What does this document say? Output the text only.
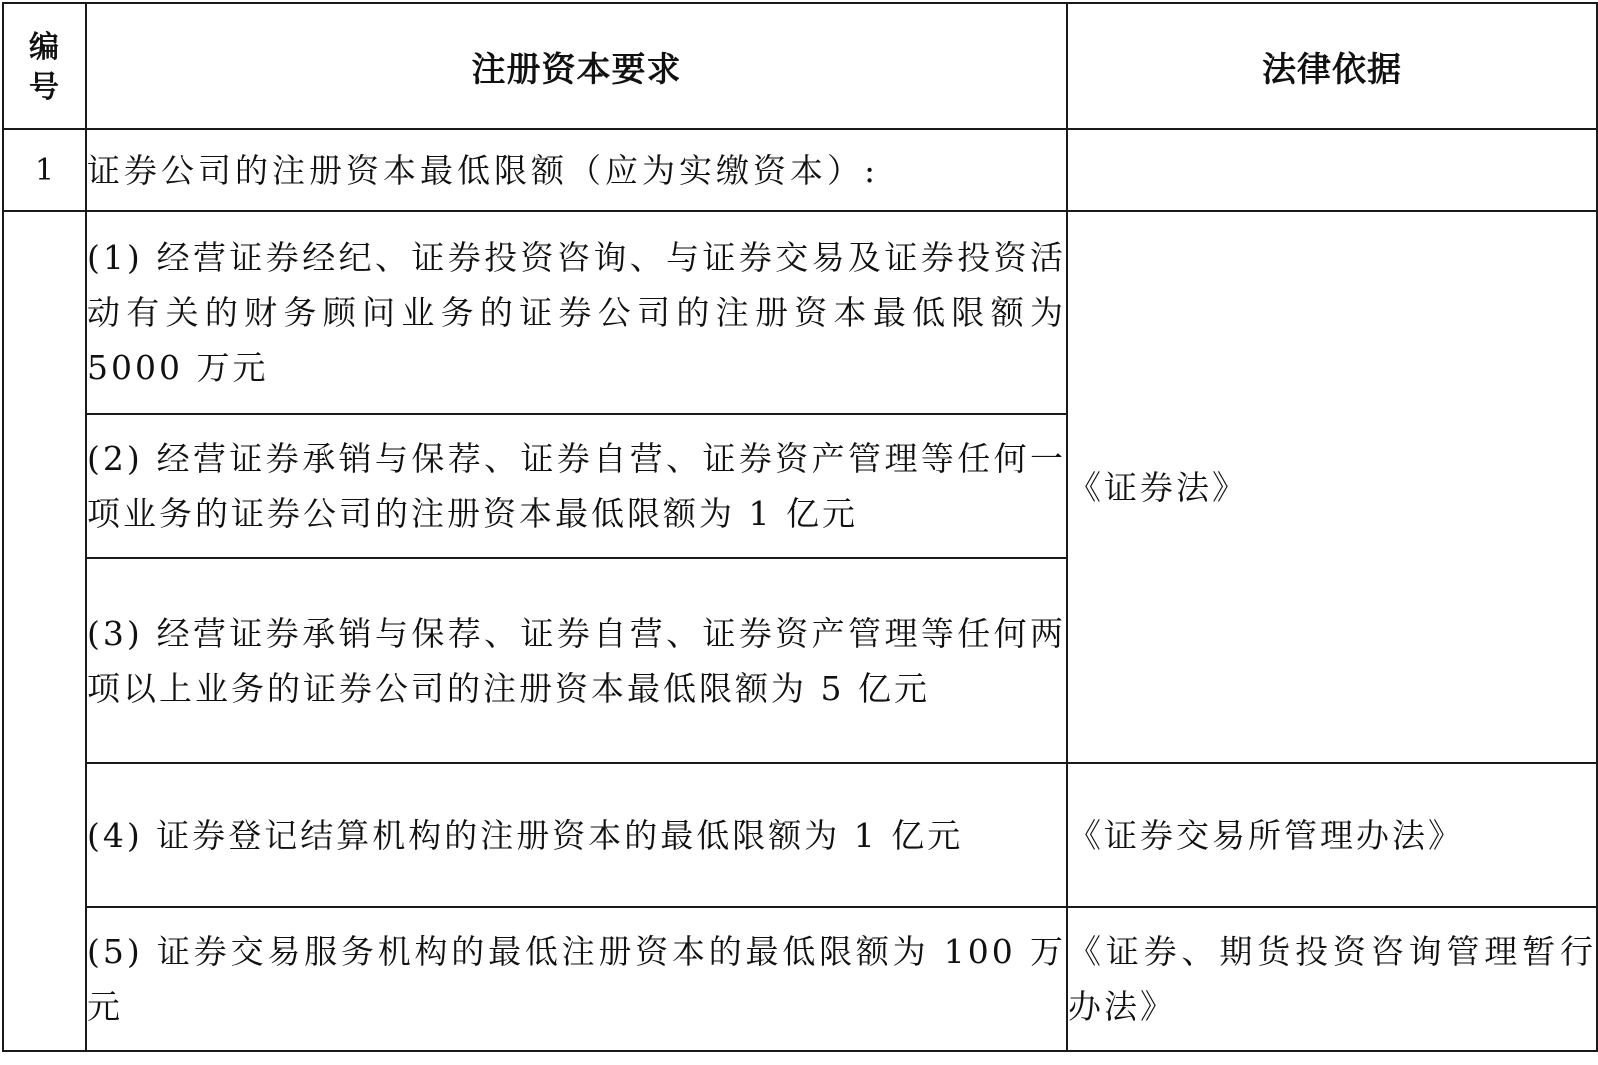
编
号	注册资本要求	法律依据
1	证券公司的注册资本最低限额（应为实缴资本）:	
	(1) 经营证券经纪、证券投资咨询、与证券交易及证券投资活动有关的财务顾问业务的证券公司的注册资本最低限额为 5000 万元	《证券法》
	(2) 经营证券承销与保荐、证券自营、证券资产管理等任何一项业务的证券公司的注册资本最低限额为 1 亿元	
	(3) 经营证券承销与保荐、证券自营、证券资产管理等任何两项以上业务的证券公司的注册资本最低限额为 5 亿元	
	(4) 证券登记结算机构的注册资本的最低限额为 1 亿元	《证券交易所管理办法》
	(5) 证券交易服务机构的最低注册资本的最低限额为 100 万元	《证券、期货投资咨询管理暂行办法》
